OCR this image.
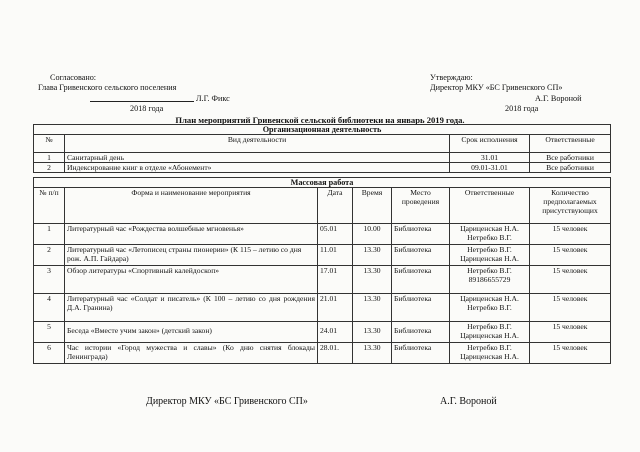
Согласовано:
Глава Гривенского сельского поселения
Л.Г. Фикс
2018 года
Утверждаю:
Директор МКУ «БС Гривенского СП»
А.Г. Вороной
2018 года
План мероприятий Гривенской сельской библиотеки на январь 2019 года.
Организационная деятельность			
№	Вид деятельности	Срок исполнения	Ответственные
1	Санитарный день	31.01	Все работники
2	Индексирование книг в отделе «Абонемент»	09.01-31.01	Все работники
Массовая работа						
№ п/п	Форма и наименование мероприятия	Дата	Время	Место проведения	Ответственные	Количество предполагаемых присутствующих
1	Литературный час «Рождества волшебные мгновенья»	05.01	10.00	Библиотека	Цариценская Н.А.
Нетребко В.Г.	15 человек
2	Литературный час «Летописец страны пионерии» (К 115 – летию со дня рож. А.П. Гайдара)	11.01	13.30	Библиотека	Нетребко В.Г.
Цариценская Н.А.	15 человек
3	Обзор литературы «Спортивный калейдоскоп»	17.01	13.30	Библиотека	Нетребко В.Г.
89186655729	15 человек
4	Литературный час «Солдат и писатель» (К 100 – летию со дня рождения Д.А. Гранина)	21.01	13.30	Библиотека	Цариценская Н.А.
Нетребко В.Г.	15 человек
5	Беседа «Вместе учим закон» (детский закон)	24.01	13.30	Библиотека	Нетребко В.Г.
Цариценская Н.А.	15 человек
6	Час истории «Город мужества и славы» (Ко дню снятия блокады Ленинграда)	28.01.	13.30	Библиотека	Нетребко В.Г.
Цариценская Н.А.	15 человек
Директор МКУ «БС Гривенского СП»	А.Г. Вороной
